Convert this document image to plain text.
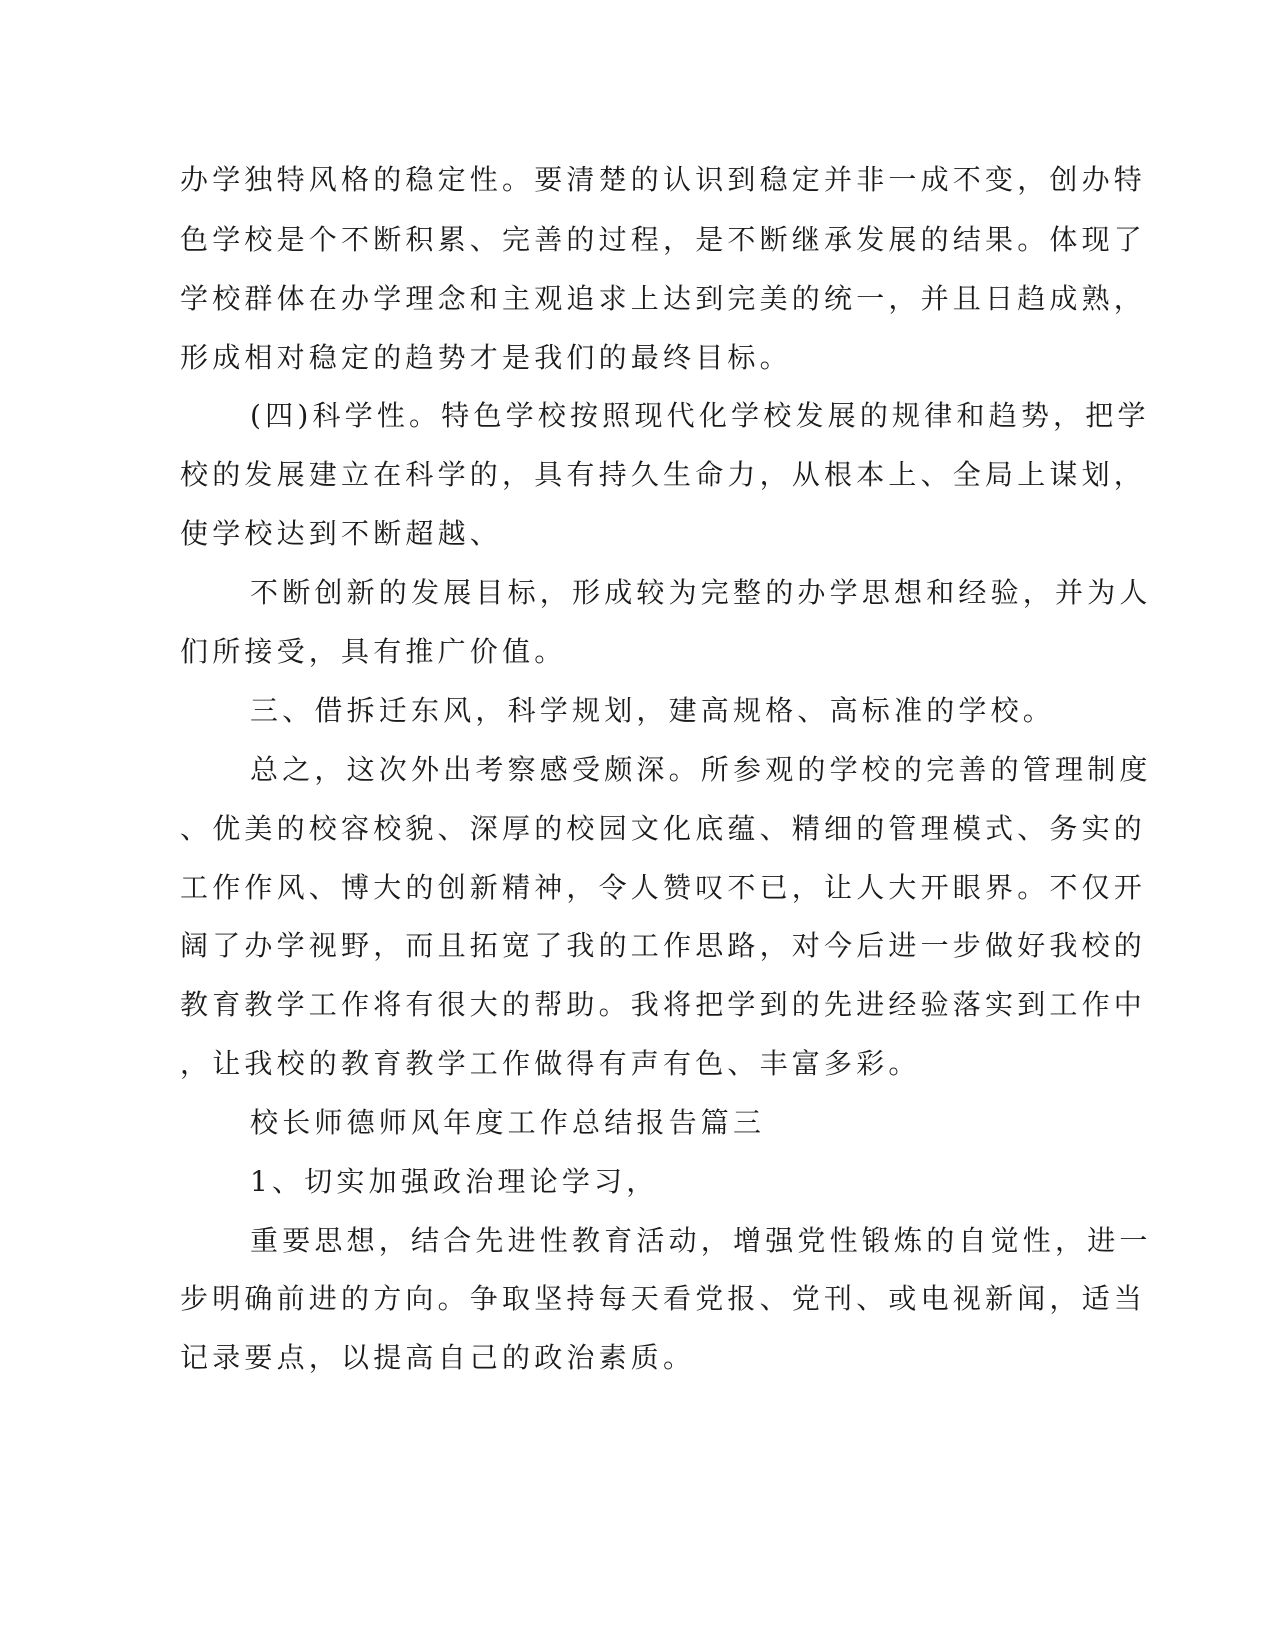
办学独特风格的稳定性。要清楚的认识到稳定并非一成不变，创办特
色学校是个不断积累、完善的过程，是不断继承发展的结果。体现了
学校群体在办学理念和主观追求上达到完美的统一，并且日趋成熟，
形成相对稳定的趋势才是我们的最终目标。
(四)科学性。特色学校按照现代化学校发展的规律和趋势，把学
校的发展建立在科学的，具有持久生命力，从根本上、全局上谋划，
使学校达到不断超越、
不断创新的发展目标，形成较为完整的办学思想和经验，并为人
们所接受，具有推广价值。
三、借拆迁东风，科学规划，建高规格、高标准的学校。
总之，这次外出考察感受颇深。所参观的学校的完善的管理制度
、优美的校容校貌、深厚的校园文化底蕴、精细的管理模式、务实的
工作作风、博大的创新精神，令人赞叹不已，让人大开眼界。不仅开
阔了办学视野，而且拓宽了我的工作思路，对今后进一步做好我校的
教育教学工作将有很大的帮助。我将把学到的先进经验落实到工作中
，让我校的教育教学工作做得有声有色、丰富多彩。
校长师德师风年度工作总结报告篇三
1、切实加强政治理论学习，
重要思想，结合先进性教育活动，增强党性锻炼的自觉性，进一
步明确前进的方向。争取坚持每天看党报、党刊、或电视新闻，适当
记录要点，以提高自己的政治素质。
